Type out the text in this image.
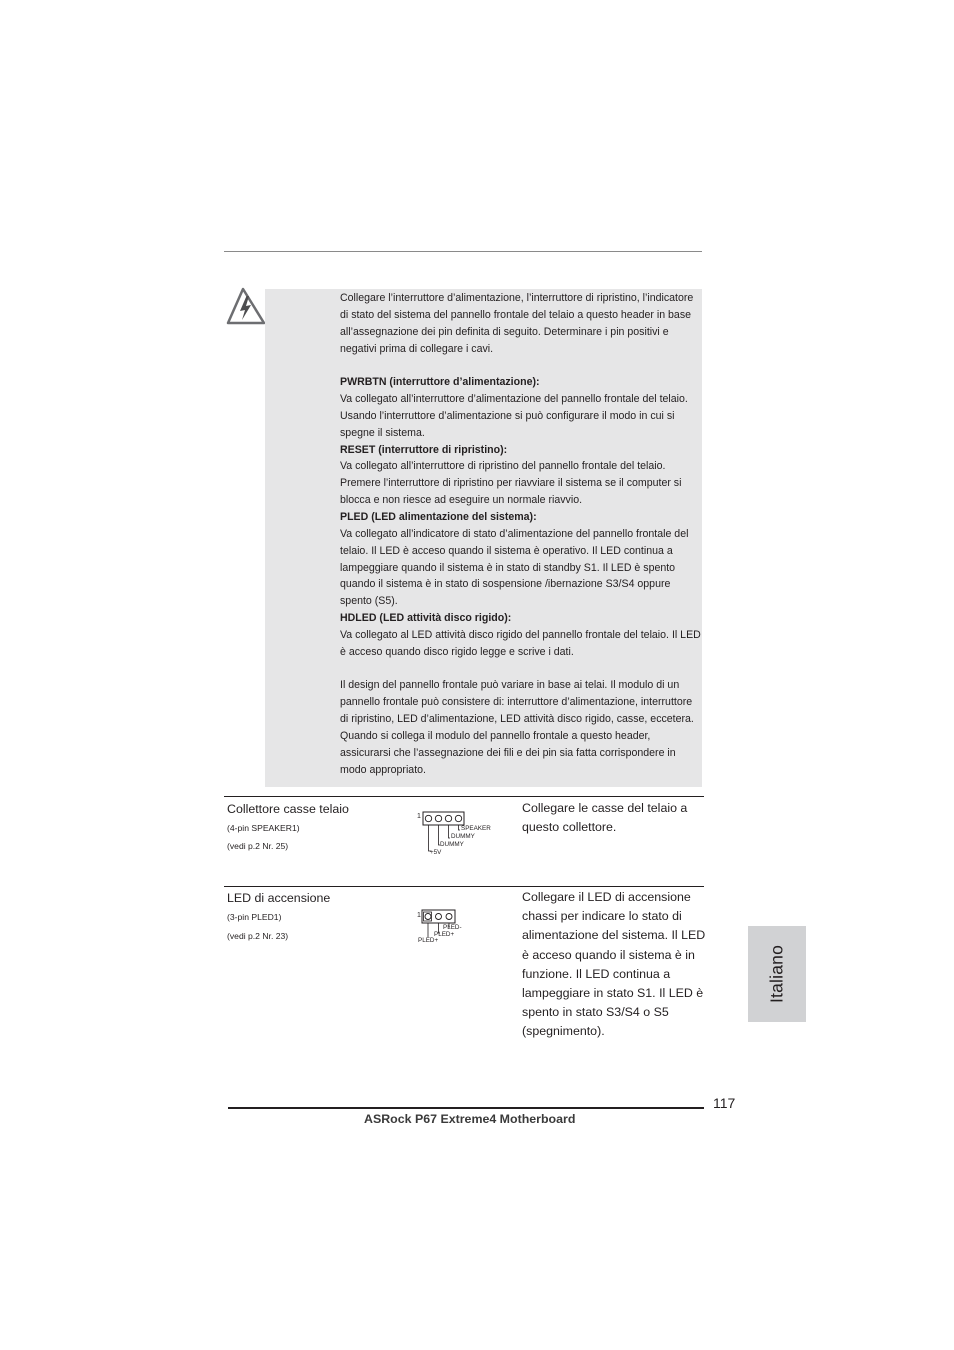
Collegare l’interruttore d’alimentazione, l’interruttore di ripristino, l’indicatore di stato del sistema del pannello frontale del telaio a questo header in base all’assegnazione dei pin definita di seguito. Determinare i pin positivi e negativi prima di collegare i cavi.

PWRBTN (interruttore d’alimentazione):

Va collegato all’interruttore d’alimentazione del pannello frontale del telaio. Usando l’interruttore d’alimentazione si può configurare il modo in cui si spegne il sistema.

RESET (interruttore di ripristino):

Va collegato all’interruttore di ripristino del pannello frontale del telaio. Premere l’interruttore di ripristino per riavviare il sistema se il computer si blocca e non riesce ad eseguire un normale riavvio.

PLED (LED alimentazione del sistema):

Va collegato all’indicatore di stato d’alimentazione del pannello frontale del telaio. Il LED è acceso quando il sistema è operativo. Il LED continua a lampeggiare quando il sistema è in stato di standby S1. Il LED è spento quando il sistema è in stato di sospensione /ibernazione S3/S4 oppure spento (S5).

HDLED (LED attività disco rigido):

Va collegato al LED attività disco rigido del pannello frontale del telaio. Il LED è acceso quando disco rigido legge e scrive i dati.

Il design del pannello frontale può variare in base ai telai. Il modulo di un pannello frontale può consistere di: interruttore d’alimentazione, interruttore di ripristino, LED d’alimentazione, LED attività disco rigido, casse, eccetera. Quando si collega il modulo del pannello frontale a questo header, assicurarsi che l’assegnazione dei fili e dei pin sia fatta corrispondere in modo appropriato.

Collettore casse telaio
(4-pin SPEAKER1)
(vedi p.2 Nr. 25)
1
SPEAKER
DUMMY
DUMMY
+5V
Collegare le casse del telaio a questo collettore.
LED di accensione
(3-pin PLED1)
(vedi p.2 Nr. 23)
1
PLED-
PLED+
PLED+
Collegare il LED di accensione chassi per indicare lo stato di alimentazione del sistema. Il LED è acceso quando il sistema è in funzione. Il LED continua a lampeggiare in stato S1. Il LED è spento in stato S3/S4 o S5 (spegnimento).
Italiano
117
ASRock P67 Extreme4 Motherboard
